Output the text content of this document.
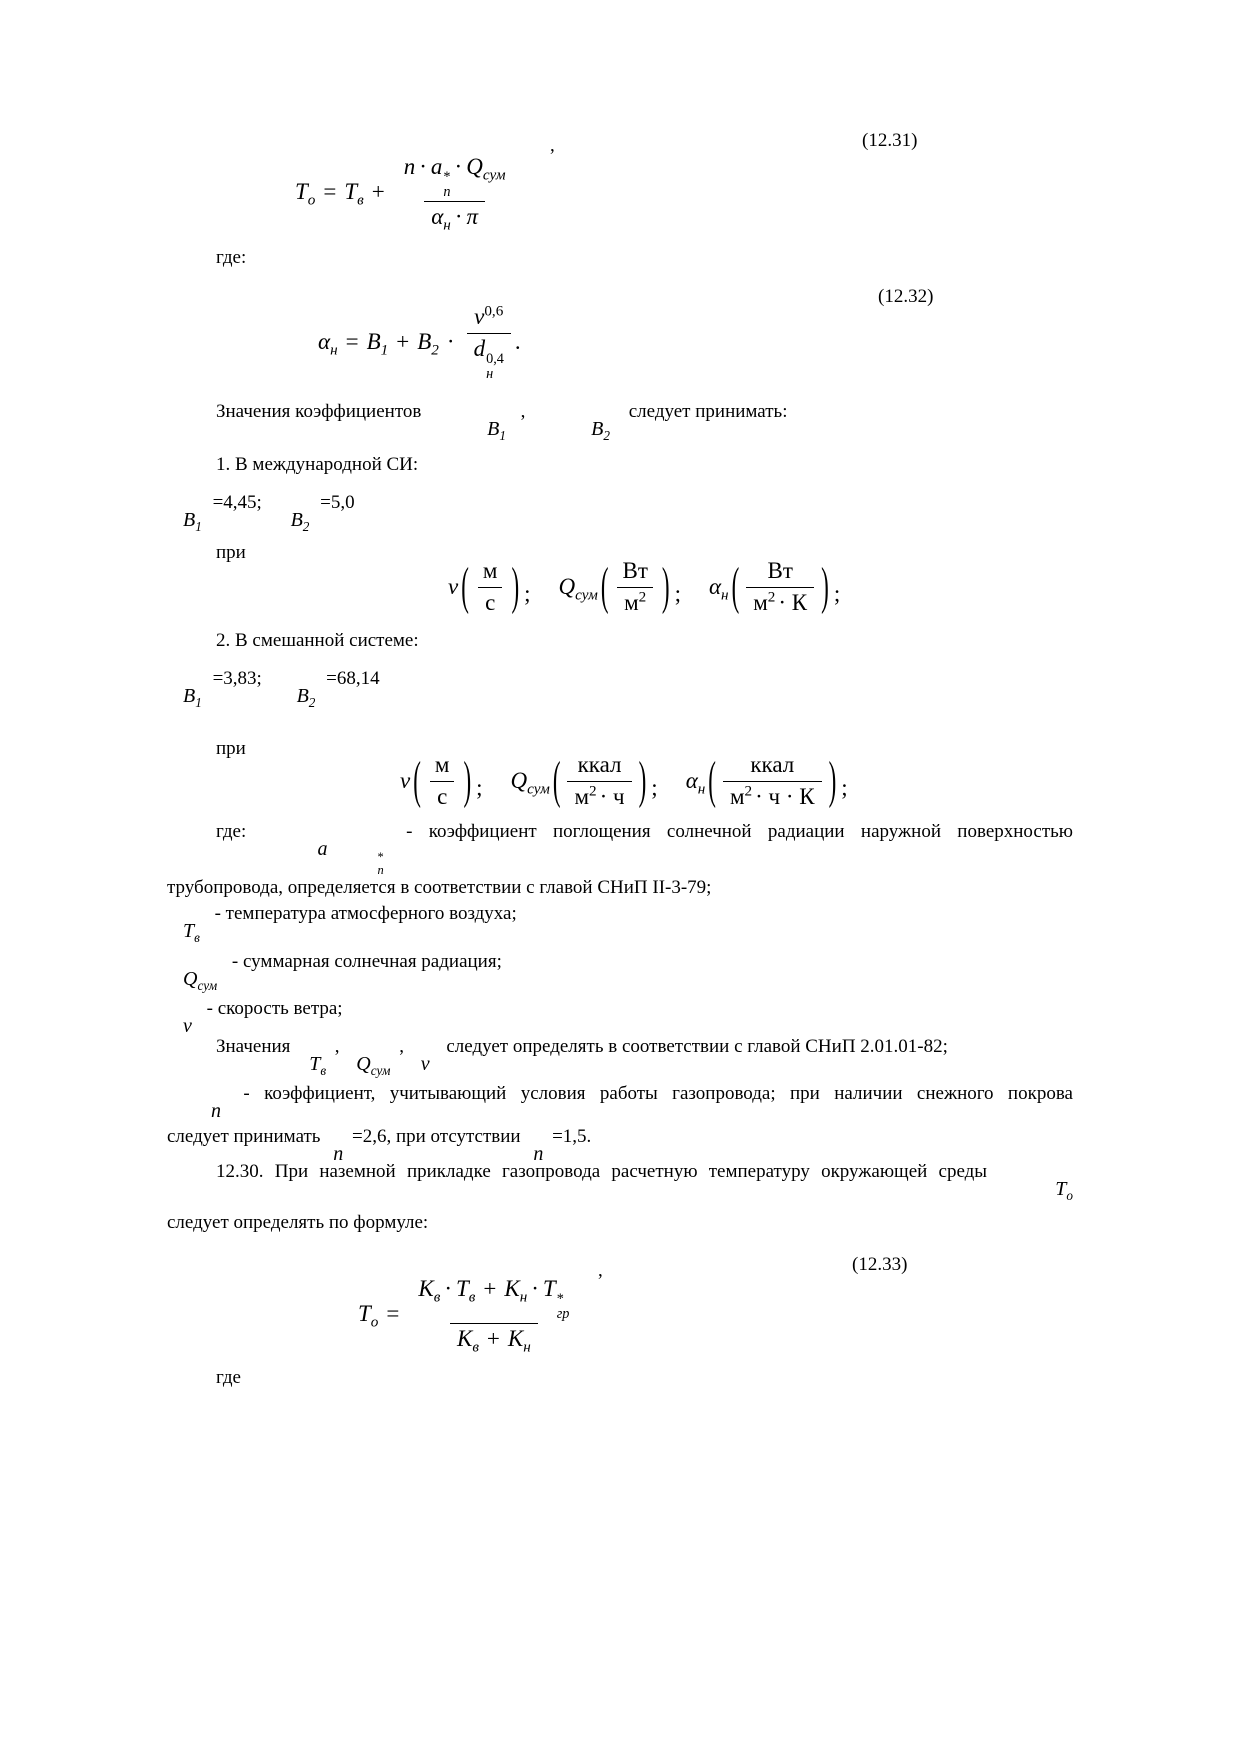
(12.31)
,
$T_о = T_в + n \cdot a$ *
n
· $Q_{сум}$
$\alpha_н \cdot \pi$
где:
(12.32)
$\alpha_н = B_1 + B_2 \cdot v^{0,6}$
d 0,4
н .
Значения коэффициентов $B_1$ , $B_2$ следует принимать:
1. В международной СИ:
$B_1 =4,45$; $B_2 =5,0$
при
v ( $\frac{м}{с}$ ) ; $Q_{сум}$ ( $\frac{Вт}{м^2}$ ) ; $\alpha_н$ ( $\frac{Вт}{м^2 \cdot К}$ ) ;
2. В смешанной системе:
$B_1 =3,83$; $B_2 =68,14$
при
v ( $\frac{м}{с}$ ) ; $Q_{сум}$ ( $\frac{\text{ккал}}{м^2 \cdot ч}$ ) ; $\alpha_н$ ( $\frac{\text{ккал}}{м^2 \cdot ч \cdot К}$ ) ;
где: a	*
n
- коэффициент поглощения солнечной радиации наружной поверхностью
трубопровода, определяется в соответствии с главой СНиП II-3-79;
$T_в$ - температура атмосферного воздуха;
$Q_{сум}$ - суммарная солнечная радиация;
v - скорость ветра;
Значения $T_в$ , $Q_{сум}$ , v следует определять в соответствии с главой СНиП 2.01.01-82;
n - коэффициент, учитывающий условия работы газопровода; при наличии снежного покрова
следует принимать n =2,6, при отсутствии n =1,5.
12.30. При наземной прикладке газопровода расчетную температуру окружающей среды $T_о$
следует определять по формуле:
(12.33)
,
$T_о = K_в \cdot T_в + K_н \cdot T$ *
гр
$K_в + K_н$
где
